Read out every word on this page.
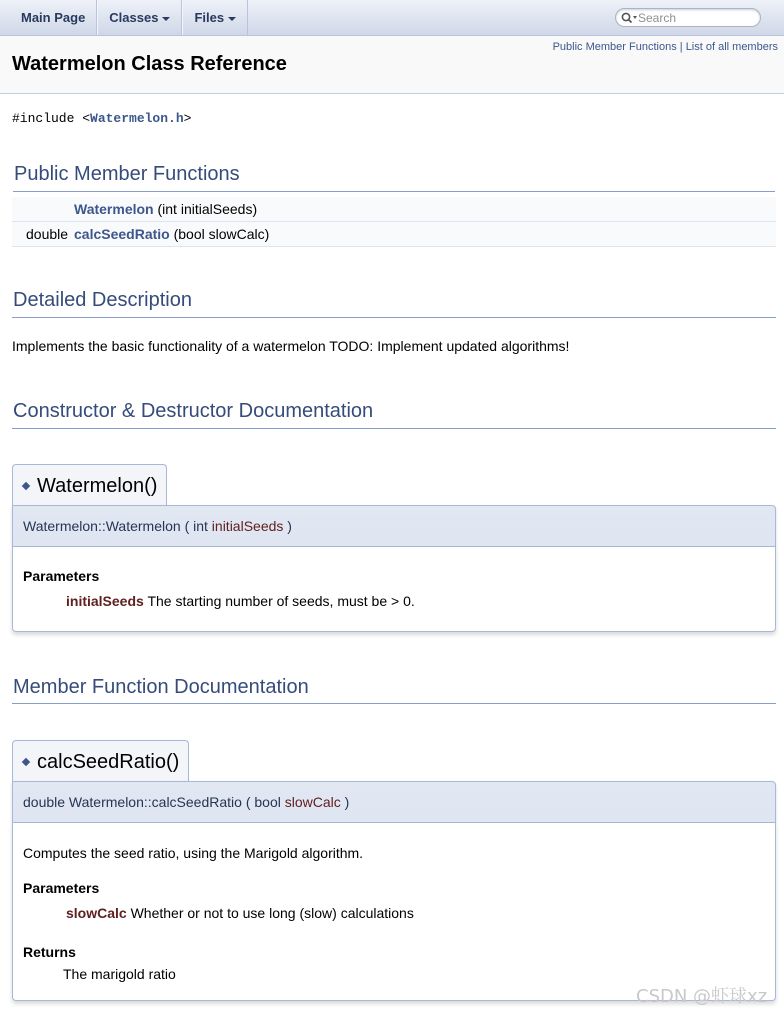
Main Page	Classes	Files
Search
Public Member Functions | List of all members
Watermelon Class Reference
#include <Watermelon.h>
Public Member Functions
	Watermelon (int initialSeeds)
double	calcSeedRatio (bool slowCalc)
Detailed Description
Implements the basic functionality of a watermelon TODO: Implement updated algorithms!
Constructor & Destructor Documentation
Watermelon()
Watermelon::Watermelon ( int initialSeeds )
Parameters
initialSeeds The starting number of seeds, must be > 0.
Member Function Documentation
calcSeedRatio()
double Watermelon::calcSeedRatio ( bool slowCalc )
Computes the seed ratio, using the Marigold algorithm.
Parameters
slowCalc Whether or not to use long (slow) calculations
Returns
The marigold ratio
CSDN @虾球xz
